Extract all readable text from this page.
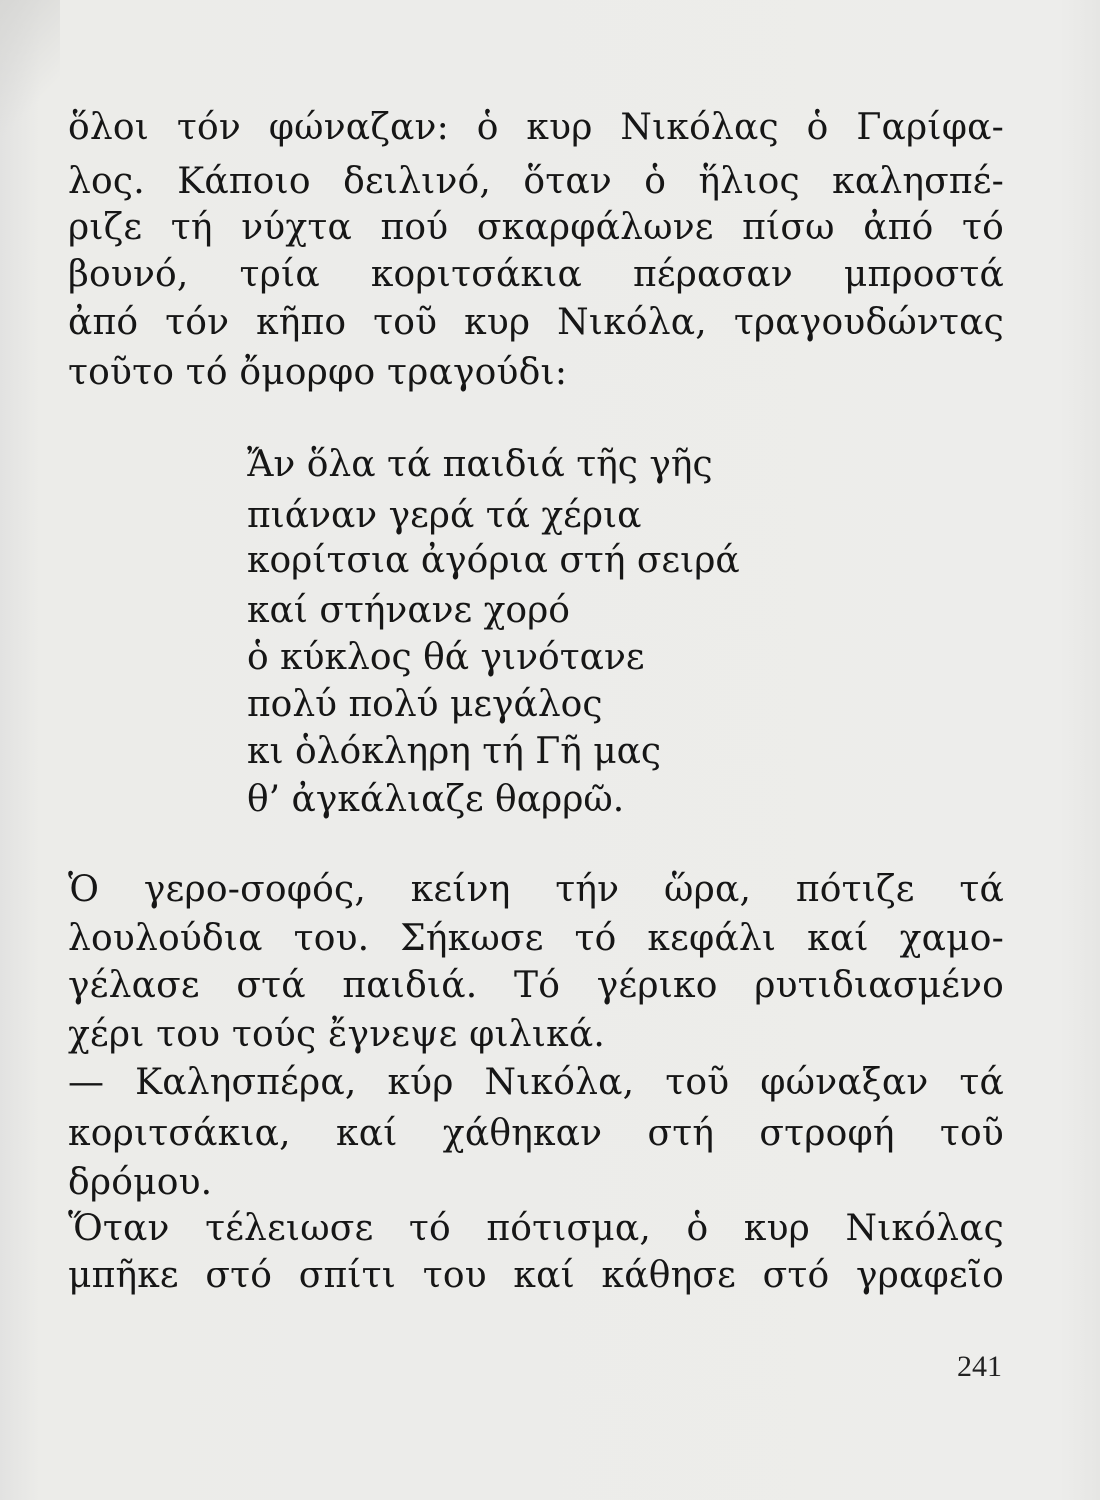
ὅλοι τόν φώναζαν: ὁ κυρ Νικόλας ὁ Γαρίφα-
λος. Κάποιο δειλινό, ὅταν ὁ ἥλιος καλησπέ-
ριζε τή νύχτα πού σκαρφάλωνε πίσω ἀπό τό
βουνό, τρία κοριτσάκια πέρασαν μπροστά
ἀπό τόν κῆπο τοῦ κυρ Νικόλα, τραγουδώντας
τοῦτο τό ὄμορφο τραγούδι:
Ἄν ὅλα τά παιδιά τῆς γῆς
πιάναν γερά τά χέρια
κορίτσια ἀγόρια στή σειρά
καί στήνανε χορό
ὁ κύκλος θά γινότανε
πολύ πολύ μεγάλος
κι ὁλόκληρη τή Γῆ μας
θ’ ἀγκάλιαζε θαρρῶ.
Ὁ γερο-σοφός, κείνη τήν ὥρα, πότιζε τά
λουλούδια του. Σήκωσε τό κεφάλι καί χαμο-
γέλασε στά παιδιά. Τό γέρικο ρυτιδιασμένο
χέρι του τούς ἔγνεψε φιλικά.
— Καλησπέρα, κύρ Νικόλα, τοῦ φώναξαν τά
κοριτσάκια, καί χάθηκαν στή στροφή τοῦ
δρόμου.
Ὅταν τέλειωσε τό πότισμα, ὁ κυρ Νικόλας
μπῆκε στό σπίτι του καί κάθησε στό γραφεῖο
241
